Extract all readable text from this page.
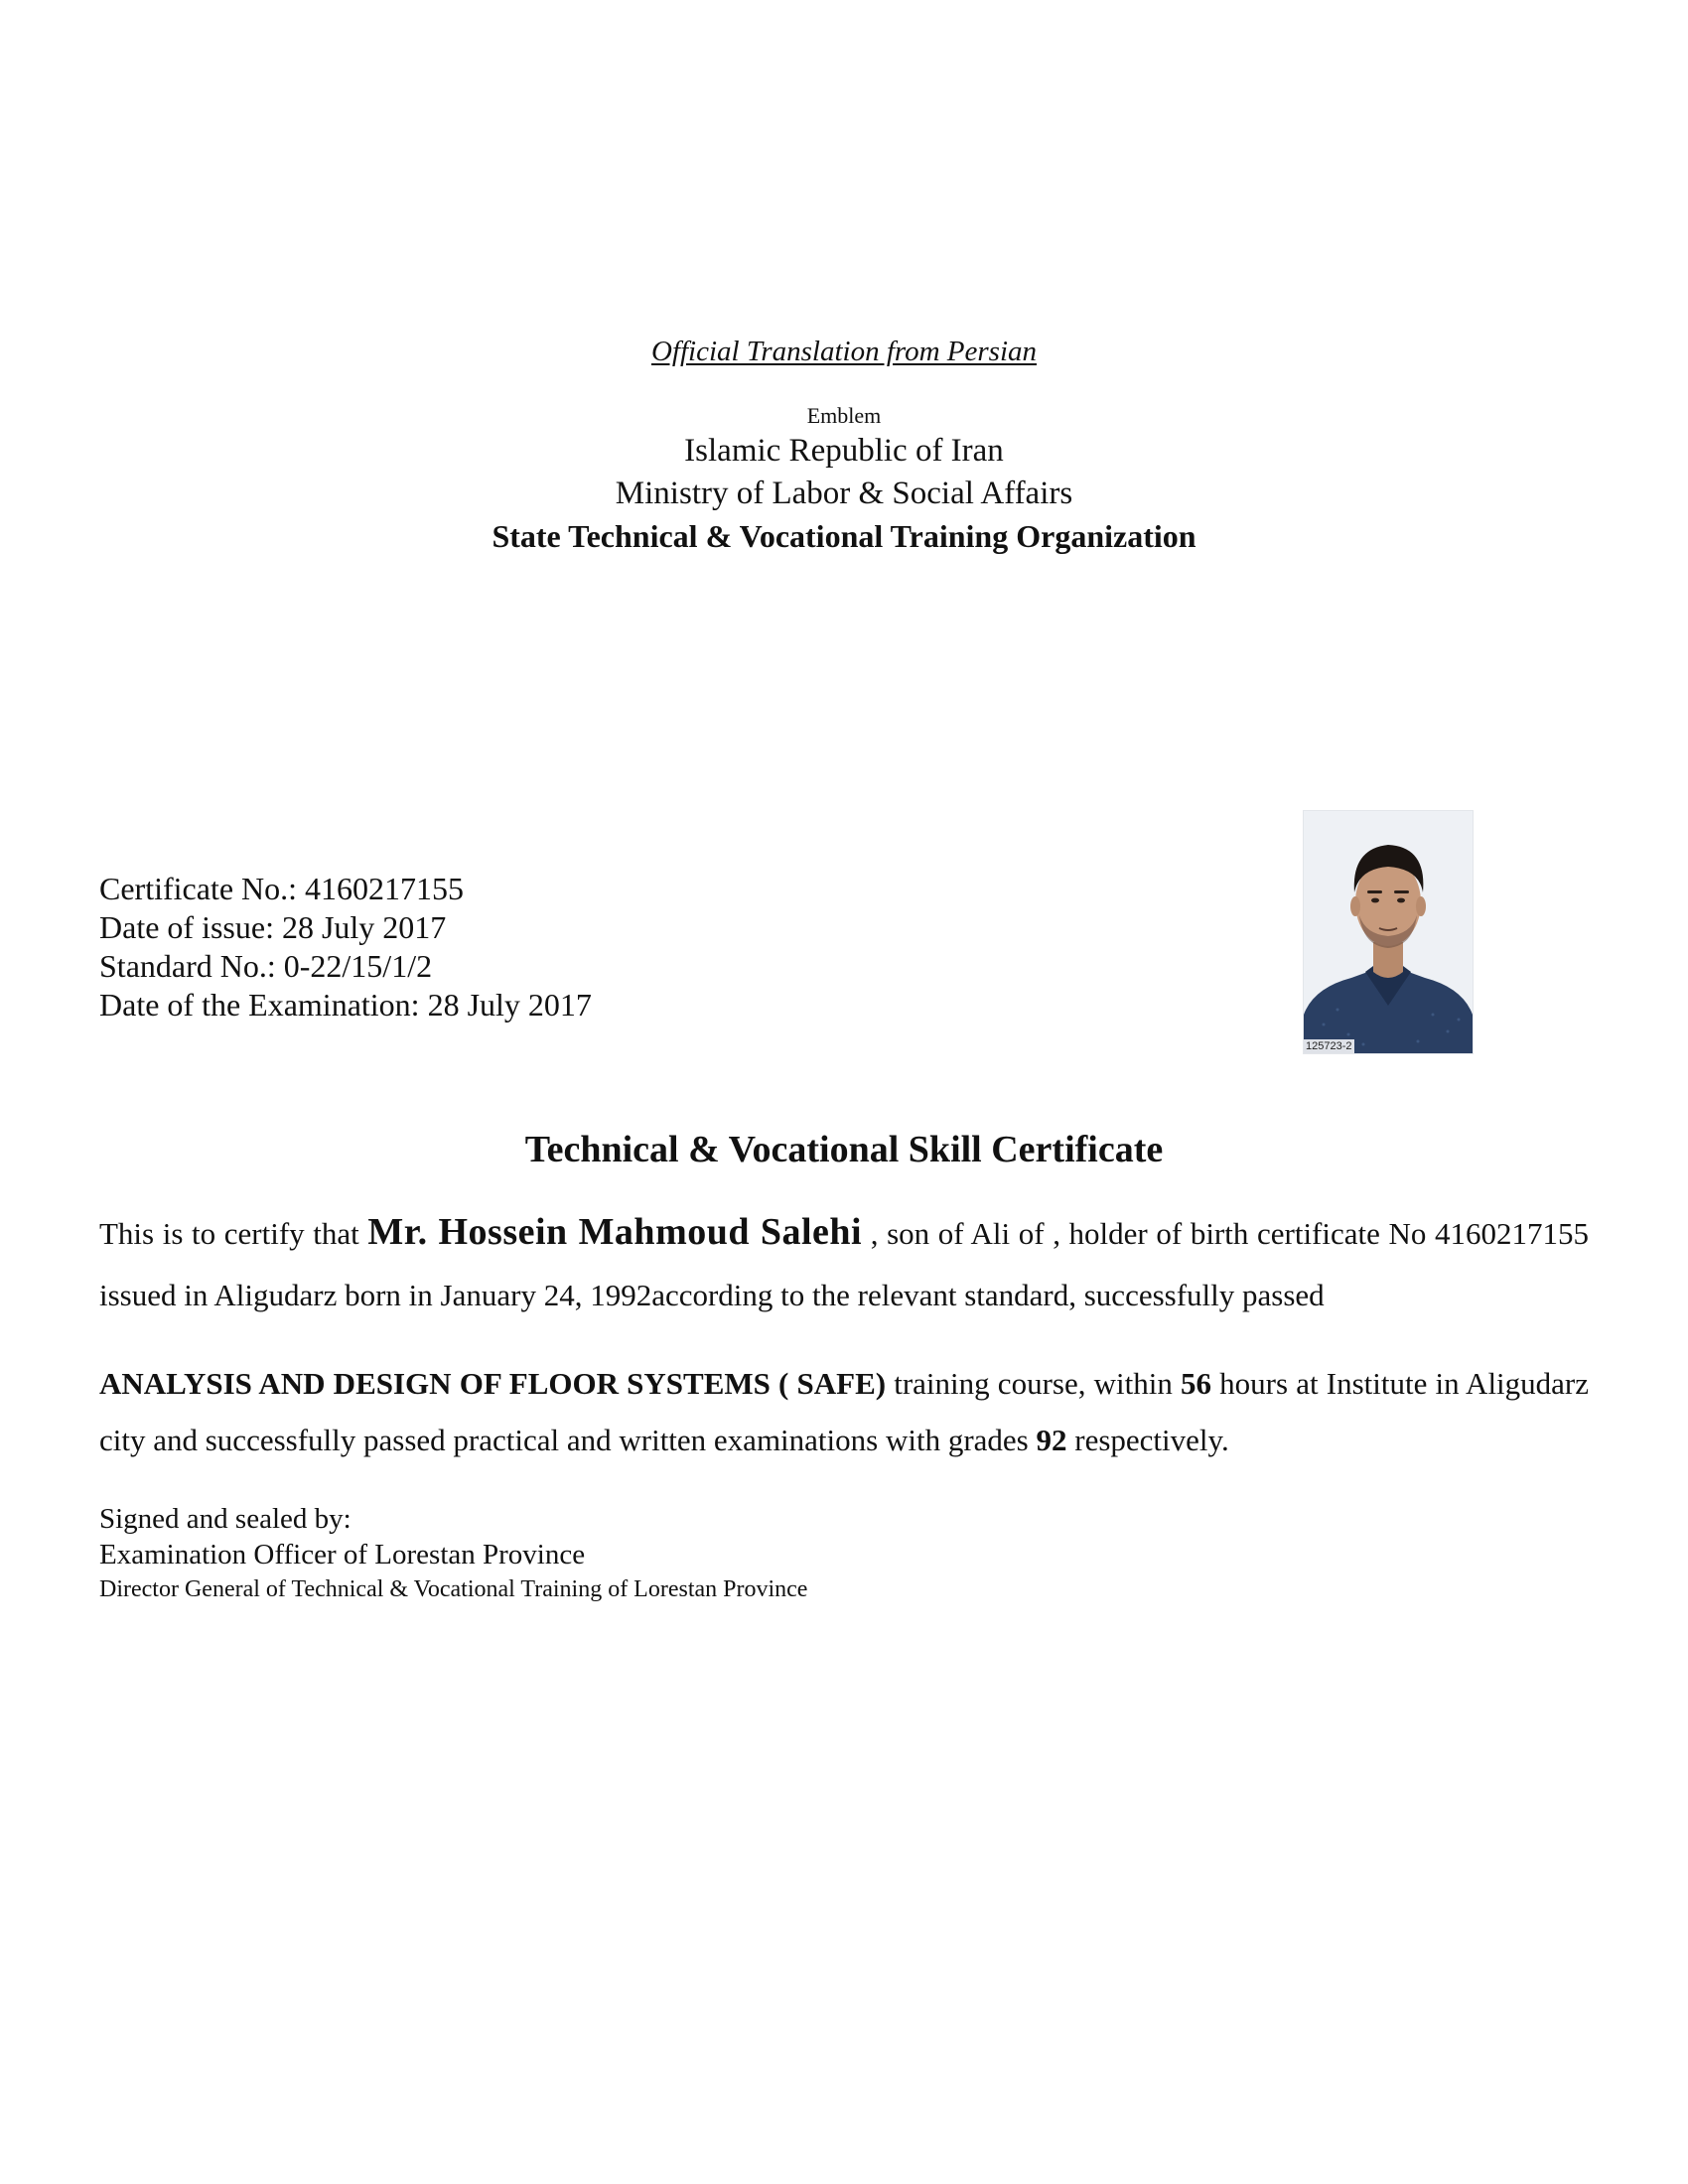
Official Translation from Persian
Emblem
Islamic Republic of Iran
Ministry of Labor & Social Affairs
State Technical & Vocational Training Organization
Certificate No.: 4160217155
Date of issue: 28 July 2017
Standard No.: 0-22/15/1/2
Date of the Examination: 28 July 2017
125723-2
Technical & Vocational Skill Certificate
This is to certify that Mr. Hossein Mahmoud Salehi , son of Ali of , holder of birth certificate No 4160217155 issued in Aligudarz born in January 24, 1992according to the relevant standard, successfully passed
ANALYSIS AND DESIGN OF FLOOR SYSTEMS ( SAFE) training course, within 56 hours at Institute in Aligudarz city and successfully passed practical and written examinations with grades 92 respectively.
Signed and sealed by:
Examination Officer of Lorestan Province
Director General of Technical & Vocational Training of Lorestan Province
